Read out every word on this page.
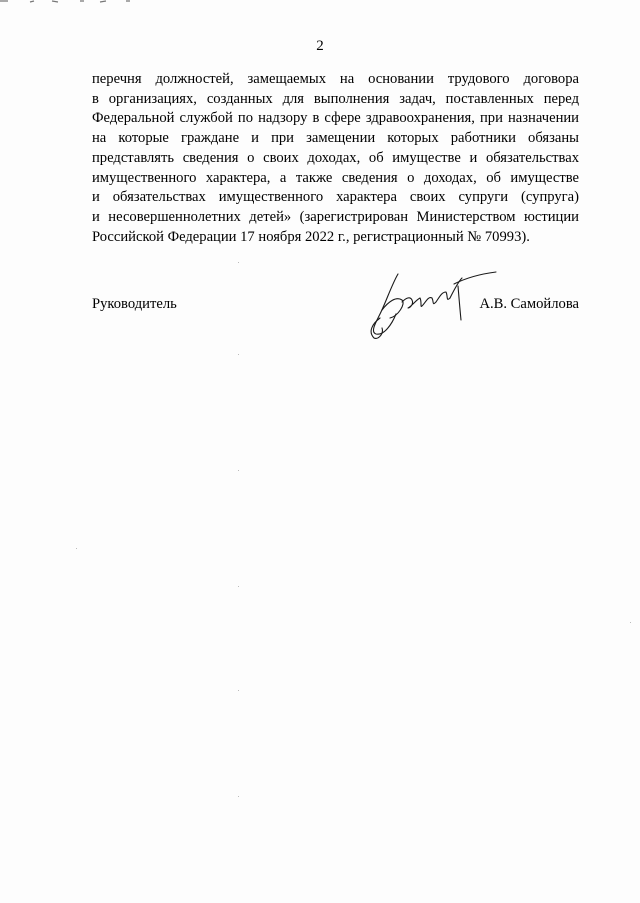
2
перечня должностей, замещаемых на основании трудового договора
в организациях, созданных для выполнения задач, поставленных перед
Федеральной службой по надзору в сфере здравоохранения, при назначении
на которые граждане и при замещении которых работники обязаны
представлять сведения о своих доходах, об имуществе и обязательствах
имущественного характера, а также сведения о доходах, об имуществе
и обязательствах имущественного характера своих супруги (супруга)
и несовершеннолетних детей» (зарегистрирован Министерством юстиции
Российской Федерации 17 ноября 2022 г., регистрационный № 70993).
Руководитель	А.В. Самойлова
